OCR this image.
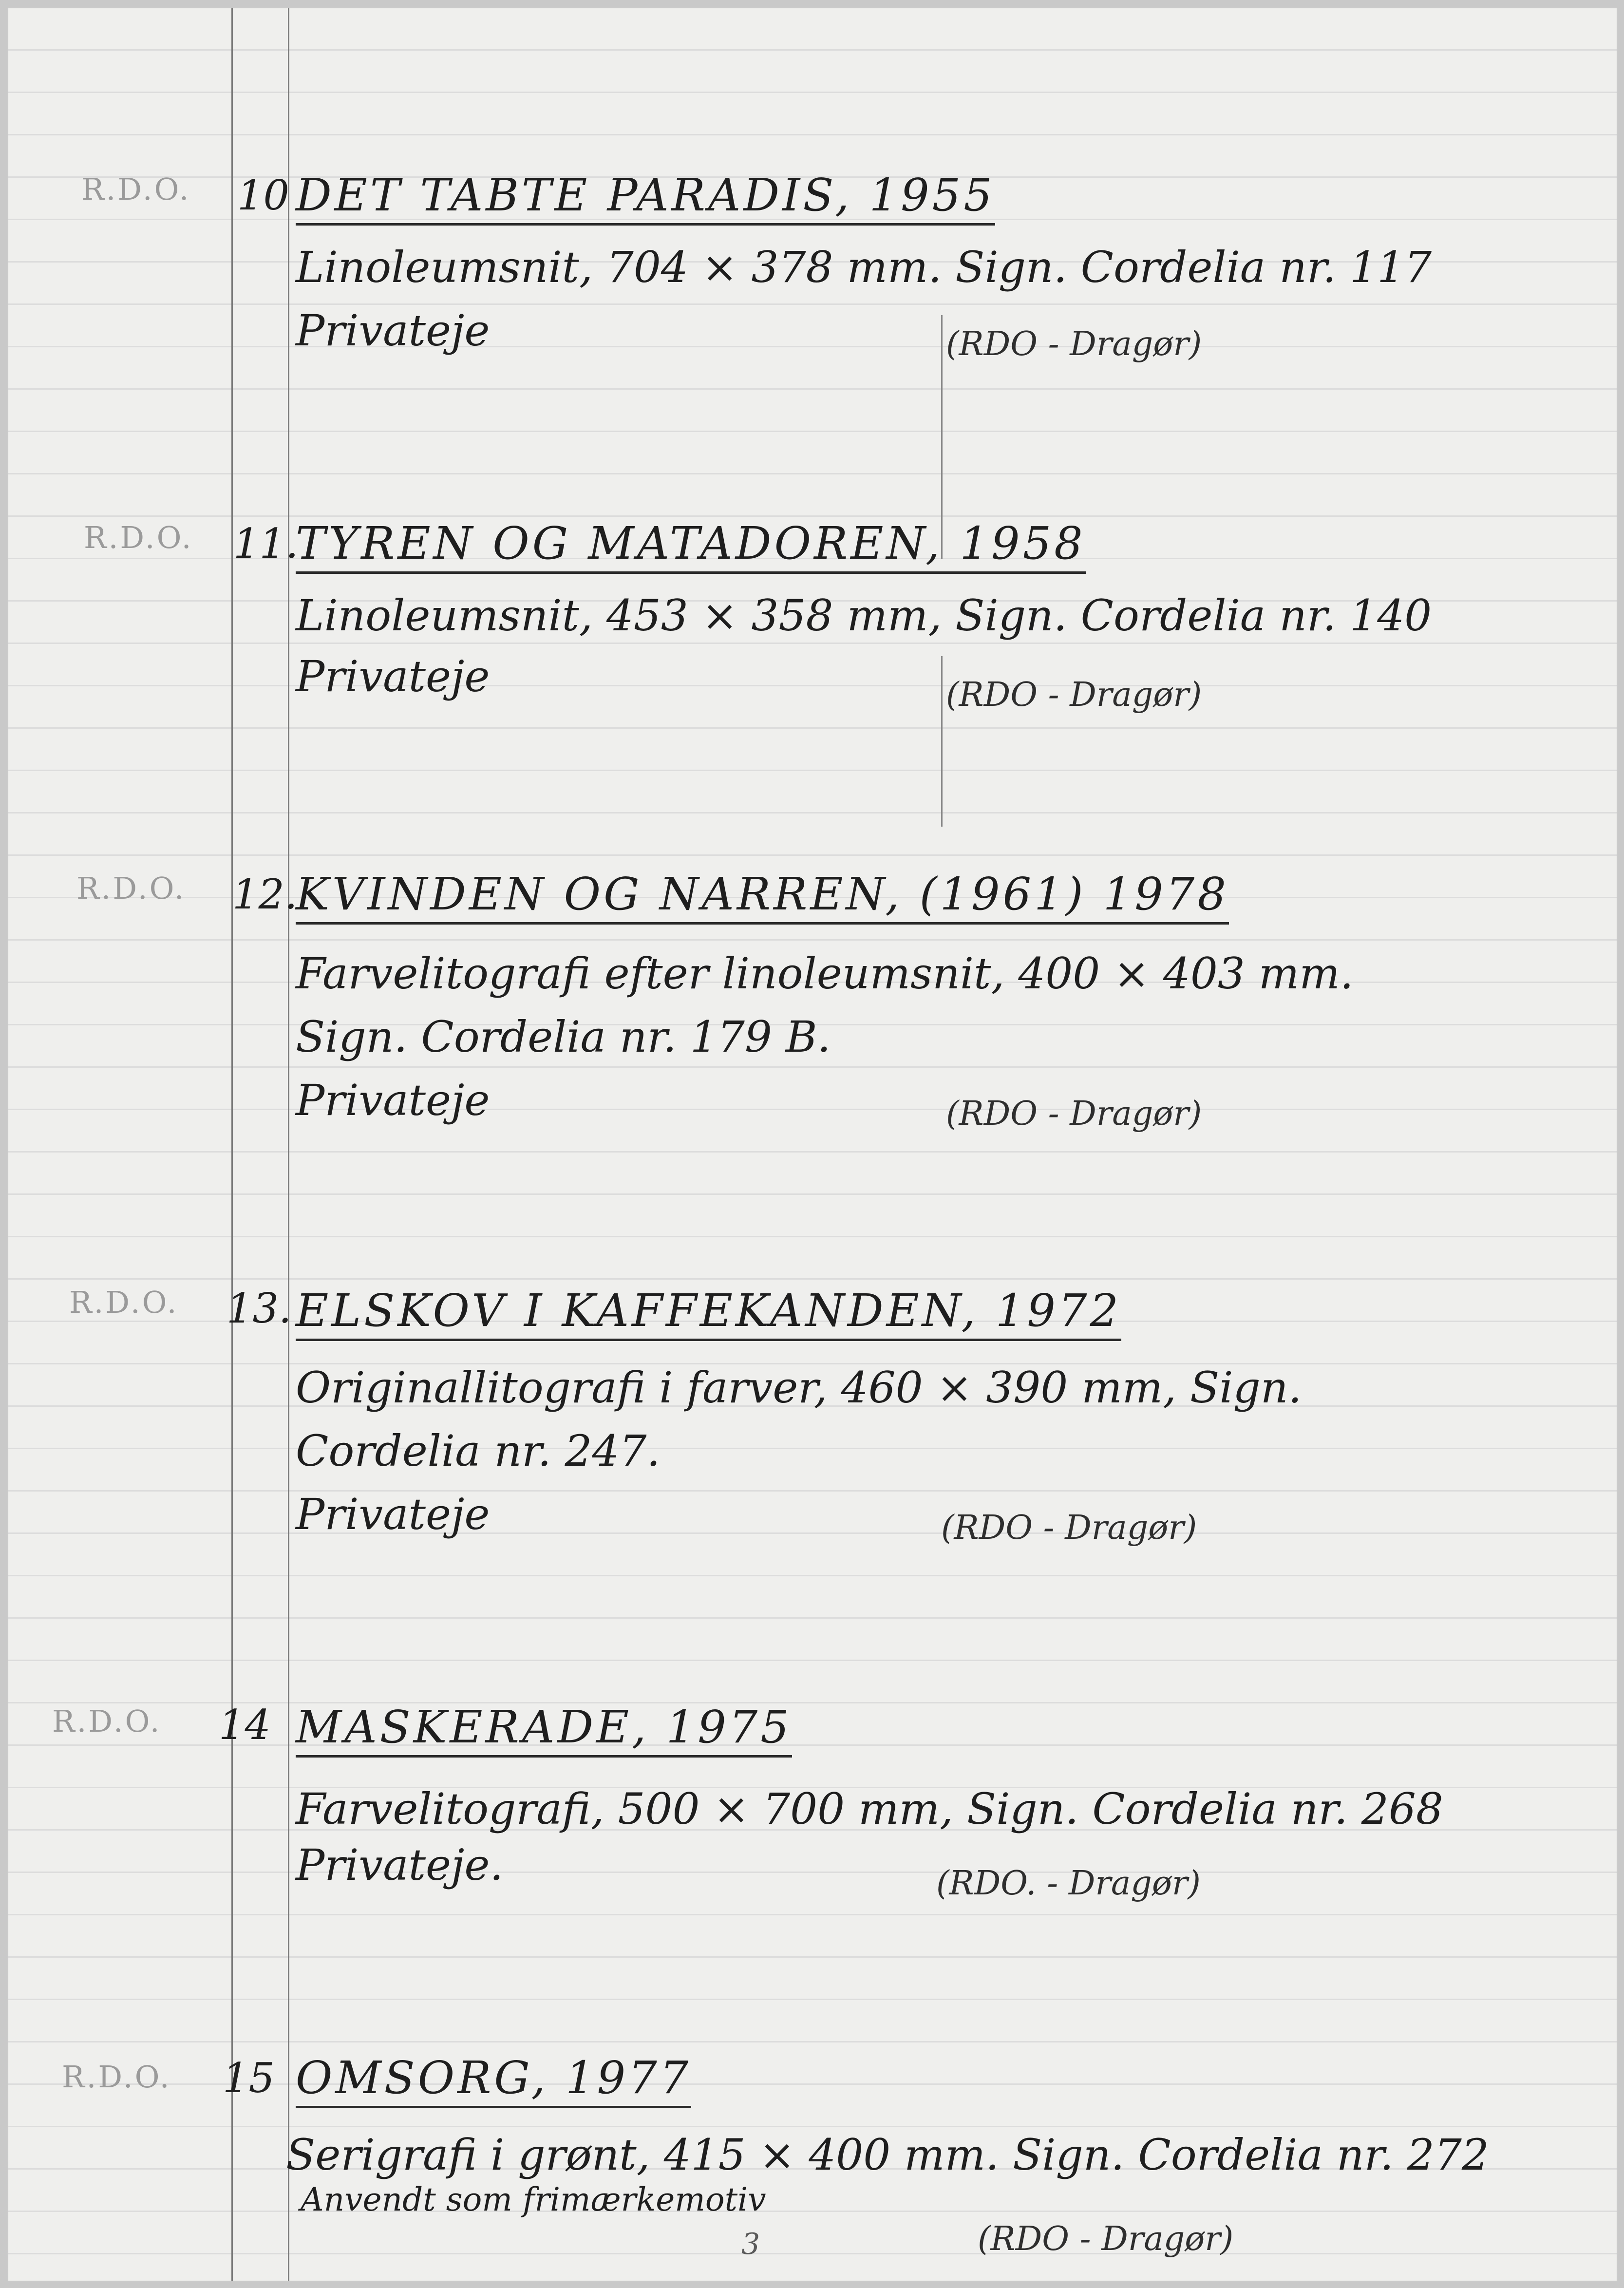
R.D.O. 10 DET TABTE PARADIS, 1955
Linoleumsnit, 704 × 378 mm. Sign. Cordelia nr. 117
Privateje	(RDO - Dragør)
R.D.O. 11.
TYREN OG MATADOREN, 1958
Linoleumsnit, 453 × 358 mm, Sign. Cordelia nr. 140
Privateje	(RDO - Dragør)
R.D.O. 12.
KVINDEN OG NARREN, (1961) 1978
Farvelitografi efter linoleumsnit, 400 × 403 mm.
Sign. Cordelia nr. 179 B.
Privateje	(RDO - Dragør)
R.D.O. 13. ELSKOV I KAFFEKANDEN, 1972
Originallitografi i farver, 460 × 390 mm, Sign.
Cordelia nr. 247.
Privateje	(RDO - Dragør)
R.D.O. 14 MASKERADE, 1975
Farvelitografi, 500 × 700 mm, Sign. Cordelia nr. 268
Privateje.	(RDO. - Dragør)
R.D.O. 15 OMSORG, 1977
Serigrafi i grønt, 415 × 400 mm. Sign. Cordelia nr. 272
Anvendt som frimærkemotiv
(RDO - Dragør)
3
